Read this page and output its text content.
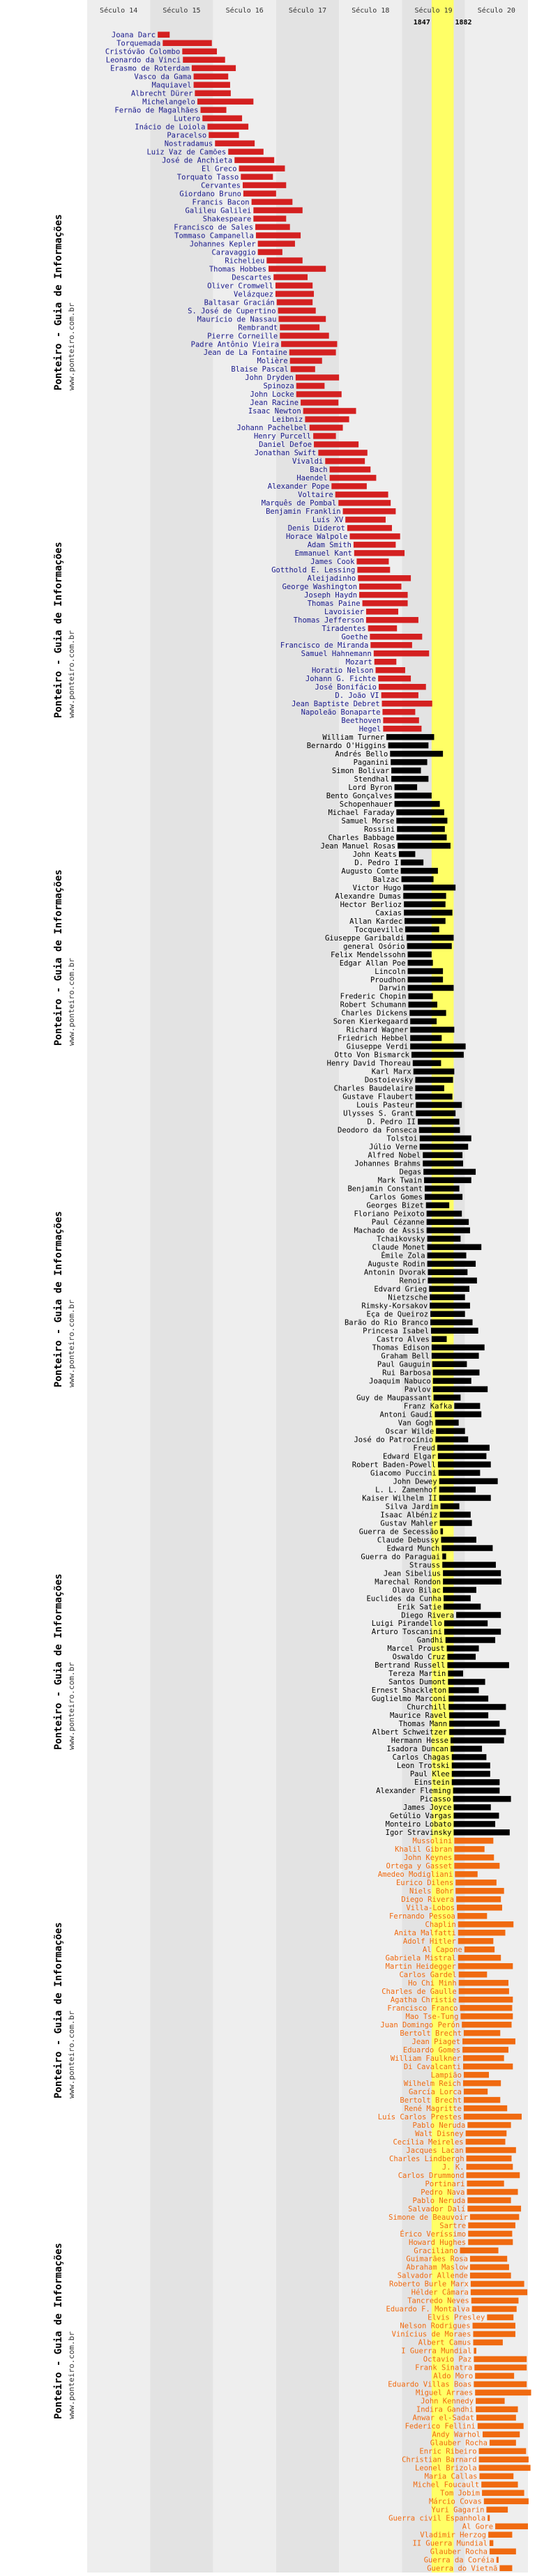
Século 14	Século 15	Século 16	Século 17	Século 18	Século 19	Século 20
1847	1882
Joana Darc
Torquemada
Cristóvão Colombo
Leonardo da Vinci
Erasmo de Roterdam
Vasco da Gama
Maquiavel
Albrecht Dürer
Michelangelo
Fernão de Magalhães
Lutero
Inácio de Loiola
Paracelso
Nostradamus
Luiz Vaz de Camões
José de Anchieta
El Greco
Torquato Tasso
Cervantes
Giordano Bruno
Francis Bacon
Galileu Galilei
Shakespeare
Francisco de Sales
Tommaso Campanella
Johannes Kepler
Caravaggio
Richelieu
Thomas Hobbes
Descartes
Oliver Cromwell
Velázquez
Baltasar Gracián
S. José de Cupertino
Maurício de Nassau
Rembrandt
Pierre Corneille
Padre Antônio Vieira
Jean de La Fontaine
Molière
Blaise Pascal
John Dryden
Spinoza
John Locke
Jean Racine
Isaac Newton
Leibniz
Johann Pachelbel
Henry Purcell
Daniel Defoe
Jonathan Swift
Vivaldi
Bach
Haendel
Alexander Pope
Voltaire
Marquês de Pombal
Benjamin Franklin
Luís XV
Denis Diderot
Horace Walpole
Adam Smith
Emmanuel Kant
James Cook
Gotthold E. Lessing
Aleijadinho
George Washington
Joseph Haydn
Thomas Paine
Lavoisier
Thomas Jefferson
Tiradentes
Goethe
Francisco de Miranda
Samuel Hahnemann
Mozart
Horatio Nelson
Johann G. Fichte
José Bonifácio
D. João VI
Jean Baptiste Debret
Napoleão Bonaparte
Beethoven
Hegel
William Turner
Bernardo O'Higgins
Andrés Bello
Paganini
Simon Bolívar
Stendhal
Lord Byron
Bento Gonçalves
Schopenhauer
Michael Faraday
Samuel Morse
Rossini
Charles Babbage
Jean Manuel Rosas
John Keats
D. Pedro I
Augusto Comte
Balzac
Victor Hugo
Alexandre Dumas
Hector Berlioz
Caxias
Allan Kardec
Tocqueville
Giuseppe Garibaldi
general Osório
Felix Mendelssohn
Edgar Allan Poe
Lincoln
Proudhon
Darwin
Frederic Chopin
Robert Schumann
Charles Dickens
Soren Kierkegaard
Richard Wagner
Friedrich Hebbel
Giuseppe Verdi
Otto Von Bismarck
Henry David Thoreau
Karl Marx
Dostoievsky
Charles Baudelaire
Gustave Flaubert
Louis Pasteur
Ulysses S. Grant
D. Pedro II
Deodoro da Fonseca
Tolstoi
Júlio Verne
Alfred Nobel
Johannes Brahms
Degas
Mark Twain
Benjamin Constant
Carlos Gomes
Georges Bizet
Floriano Peixoto
Paul Cézanne
Machado de Assis
Tchaikovsky
Claude Monet
Émile Zola
Auguste Rodin
Antonin Dvorak
Renoir
Edvard Grieg
Nietzsche
Rimsky-Korsakov
Eça de Queiroz
Barão do Rio Branco
Princesa Isabel
Castro Alves
Thomas Edison
Graham Bell
Paul Gauguin
Rui Barbosa
Joaquim Nabuco
Pavlov
Guy de Maupassant
Franz Kafka
Antoni Gaudí
Van Gogh
Oscar Wilde
José do Patrocínio
Freud
Edward Elgar
Robert Baden-Powell
Giacomo Puccini
John Dewey
L. L. Zamenhof
Kaiser Wilhelm II
Silva Jardim
Isaac Albéniz
Gustav Mahler
Guerra de Secessão
Claude Debussy
Edward Munch
Guerra do Paraguai
Strauss
Jean Sibelius
Marechal Rondon
Olavo Bilac
Euclides da Cunha
Erik Satie
Diego Rivera
Luigi Pirandello
Arturo Toscanini
Gandhi
Marcel Proust
Oswaldo Cruz
Bertrand Russell
Tereza Martin
Santos Dumont
Ernest Shackleton
Guglielmo Marconi
Churchill
Maurice Ravel
Thomas Mann
Albert Schweitzer
Hermann Hesse
Isadora Duncan
Carlos Chagas
Leon Trotski
Paul Klee
Einstein
Alexander Fleming
Picasso
James Joyce
Getúlio Vargas
Monteiro Lobato
Igor Stravinsky
Mussolini
Khalil Gibran
John Keynes
Ortega y Gasset
Amedeo Modigliani
Eurico Dilens
Niels Bohr
Diego Rivera
Villa-Lobos
Fernando Pessoa
Chaplin
Anita Malfatti
Adolf Hitler
Al Capone
Gabriela Mistral
Martin Heidegger
Carlos Gardel
Ho Chi Minh
Charles de Gaulle
Agatha Christie
Francisco Franco
Mao Tse-Tung
Juan Domingo Perón
Bertolt Brecht
Jean Piaget
Eduardo Gomes
William Faulkner
Di Cavalcanti
Lampião
Wilhelm Reich
García Lorca
Bertolt Brecht
René Magritte
Luís Carlos Prestes
Pablo Neruda
Walt Disney
Cecília Meireles
Jacques Lacan
Charles Lindbergh
J. K.
Carlos Drummond
Portinari
Pedro Nava
Pablo Neruda
Salvador Dalí
Simone de Beauvoir
Sartre
Érico Veríssimo
Howard Hughes
Graciliano
Guimarães Rosa
Abraham Maslow
Salvador Allende
Roberto Burle Marx
Hélder Câmara
Tancredo Neves
Eduardo F. Montalva
Elvis Presley
Nelson Rodrigues
Vinícius de Moraes
Albert Camus
I Guerra Mundial
Octavio Paz
Frank Sinatra
Aldo Moro
Eduardo Villas Boas
Miguel Arraes
John Kennedy
Indira Gandhi
Anwar el-Sadat
Federico Fellini
Andy Warhol
Glauber Rocha
Enric Ribeiro
Christian Barnard
Leonel Brizola
Maria Callas
Michel Foucault
Tom Jobim
Márcio Covas
Yuri Gagarin
Guerra civil Espanhola
Al Gore
Vladimir Herzog
II Guerra Mundial
Glauber Rocha
Guerra da Coréia
Guerra do Vietnã
Ponteiro - Guia de Informações www.ponteiro.com.br
Ponteiro - Guia de Informações www.ponteiro.com.br
Ponteiro - Guia de Informações www.ponteiro.com.br
Ponteiro - Guia de Informações www.ponteiro.com.br
Ponteiro - Guia de Informações www.ponteiro.com.br
Ponteiro - Guia de Informações www.ponteiro.com.br
Ponteiro - Guia de Informações www.ponteiro.com.br
